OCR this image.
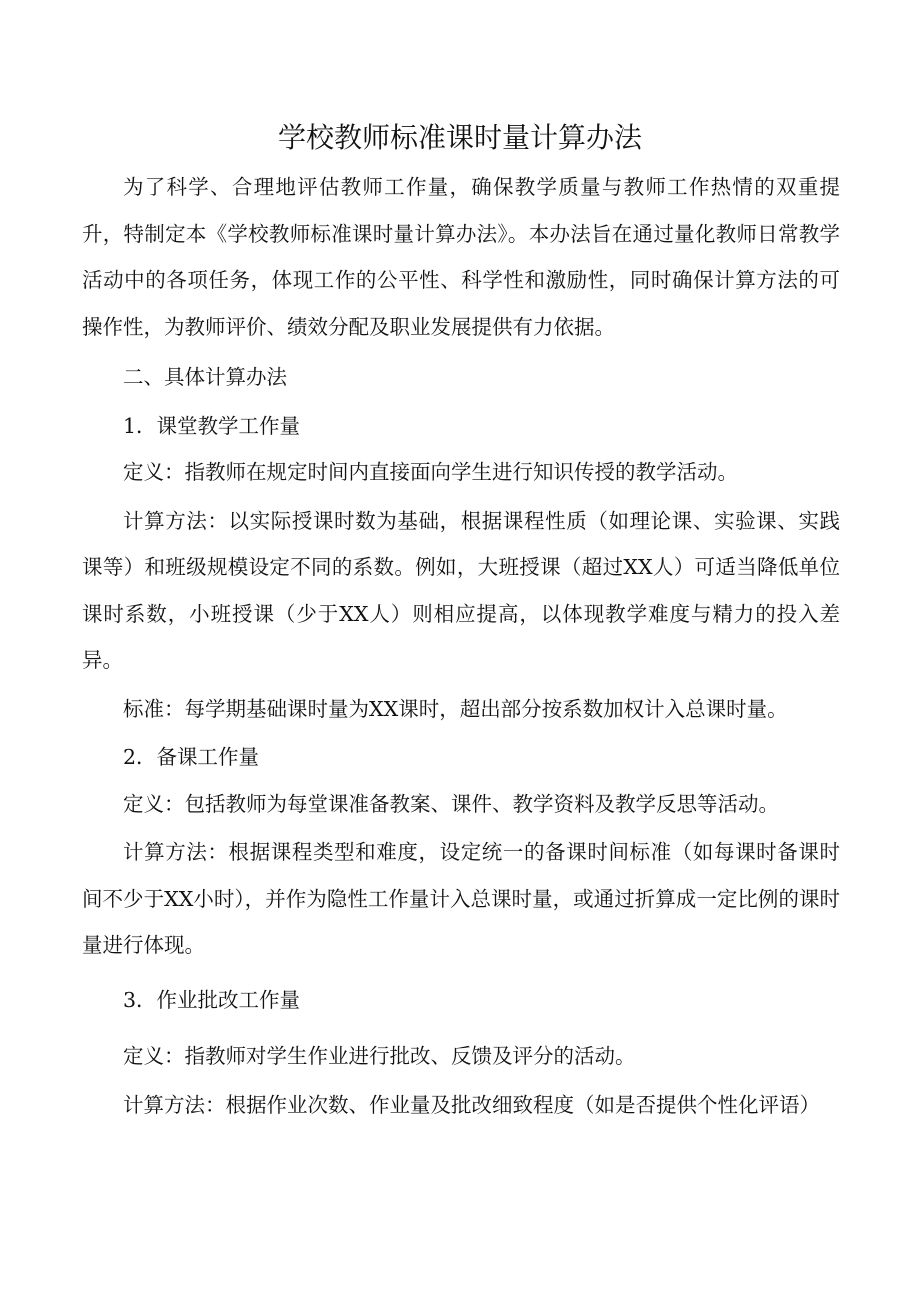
学校教师标准课时量计算办法

为了科学、合理地评估教师工作量，确保教学质量与教师工作热情的双重提升，特制定本《学校教师标准课时量计算办法》。本办法旨在通过量化教师日常教学活动中的各项任务，体现工作的公平性、科学性和激励性，同时确保计算方法的可操作性，为教师评价、绩效分配及职业发展提供有力依据。

二、具体计算办法

1．课堂教学工作量

定义：指教师在规定时间内直接面向学生进行知识传授的教学活动。

计算方法：以实际授课时数为基础，根据课程性质（如理论课、实验课、实践课等）和班级规模设定不同的系数。例如，大班授课（超过XX人）可适当降低单位课时系数，小班授课（少于XX人）则相应提高，以体现教学难度与精力的投入差异。

标准：每学期基础课时量为XX课时，超出部分按系数加权计入总课时量。

2．备课工作量

定义：包括教师为每堂课准备教案、课件、教学资料及教学反思等活动。

计算方法：根据课程类型和难度，设定统一的备课时间标准（如每课时备课时间不少于XX小时），并作为隐性工作量计入总课时量，或通过折算成一定比例的课时量进行体现。

3．作业批改工作量

定义：指教师对学生作业进行批改、反馈及评分的活动。

计算方法：根据作业次数、作业量及批改细致程度（如是否提供个性化评语）
